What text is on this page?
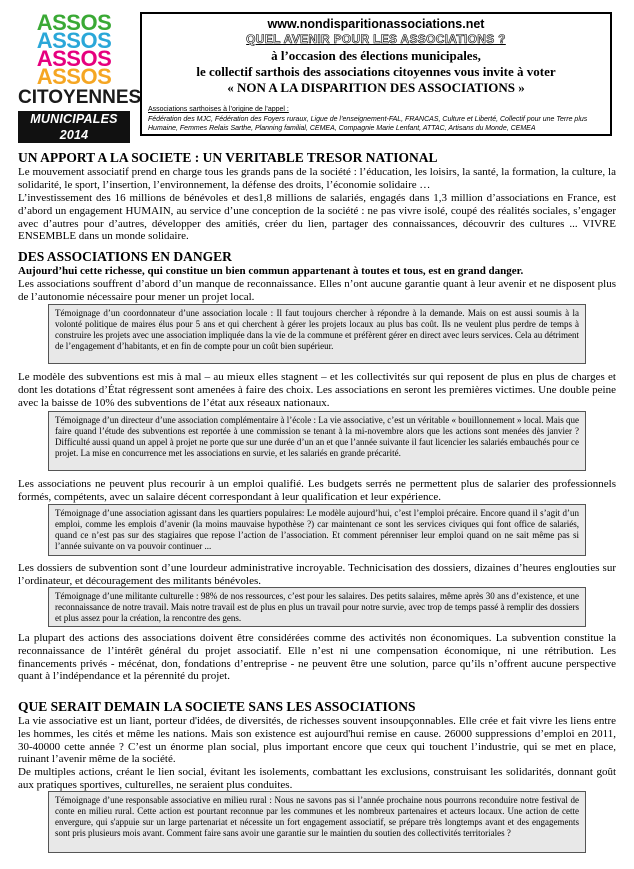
ASSOS
ASSOS
ASSOS
ASSOS
CITOYENNES
MUNICIPALES 2014
www.nondisparitionassociations.net
QUEL AVENIR POUR LES ASSOCIATIONS ?
à l’occasion des élections municipales,
le collectif sarthois des associations citoyennes vous invite à voter
« NON A LA DISPARITION DES ASSOCIATIONS »
Associations sarthoises à l’origine de l’appel :
Fédération des MJC, Fédération des Foyers ruraux, Ligue de l’enseignement-FAL, FRANCAS, Culture et Liberté, Collectif pour une Terre plus Humaine, Femmes Relais Sarthe, Planning familial, CEMEA, Compagnie Marie Lenfant, ATTAC, Artisans du Monde, CEMEA
UN APPORT A LA SOCIETE : UN VERITABLE TRESOR NATIONAL

Le mouvement associatif prend en charge tous les grands pans de la société : l’éducation, les loisirs, la santé, la formation, la culture, la solidarité, le sport, l’insertion, l’environnement, la défense des droits, l’économie solidaire …

L’investissement des 16 millions de bénévoles et des1,8 millions de salariés, engagés dans 1,3 million d’associations en France, est d’abord un engagement HUMAIN, au service d’une conception de la société : ne pas vivre isolé, coupé des réalités sociales, s’engager avec d’autres pour d’autres, développer des amitiés, créer du lien, partager des connaissances, découvrir des cultures ... VIVRE ENSEMBLE dans un monde solidaire.

DES ASSOCIATIONS EN DANGER

Aujourd’hui cette richesse, qui constitue un bien commun appartenant à toutes et tous, est en grand danger.

Les associations souffrent d’abord d’un manque de reconnaissance. Elles n’ont aucune garantie quant à leur avenir et ne disposent plus de l’autonomie nécessaire pour mener un projet local.

Témoignage d’un coordonnateur d’une association locale : Il faut toujours chercher à répondre à la demande. Mais on est aussi soumis à la volonté politique de maires élus pour 5 ans et qui cherchent à gérer les projets locaux au plus bas coût. Ils ne veulent plus perdre de temps à construire les projets avec une association impliquée dans la vie de la commune et préfèrent gérer en direct avec leurs services. Cela au détriment de l’engagement d’habitants, et en fin de compte pour un coût bien supérieur.

Le modèle des subventions est mis à mal – au mieux elles stagnent – et les collectivités sur qui reposent de plus en plus de charges et dont les dotations d’État régressent sont amenées à faire des choix. Les associations en seront les premières victimes. Une double peine avec la baisse de 10% des subventions de l’état aux réseaux nationaux.

Témoignage d’un directeur d’une association complémentaire à l’école : La vie associative, c’est un véritable « bouillonnement » local. Mais que faire quand l’étude des subventions est reportée à une commission se tenant à la mi-novembre alors que les actions sont menées dès janvier ? Difficulté aussi quand un appel à projet ne porte que sur une durée d’un an et que l’année suivante il faut licencier les salariés embauchés pour ce projet. La mise en concurrence met les associations en survie, et les salariés en grande précarité.

Les associations ne peuvent plus recourir à un emploi qualifié. Les budgets serrés ne permettent plus de salarier des professionnels formés, compétents, avec un salaire décent correspondant à leur qualification et leur expérience.

Témoignage d’une association agissant dans les quartiers populaires: Le modèle aujourd’hui, c’est l’emploi précaire. Encore quand il s’agit d’un emploi, comme les emplois d’avenir (la moins mauvaise hypothèse ?) car maintenant ce sont les services civiques qui font office de salariés, quand ce n’est pas sur des stagiaires que repose l’action de l’association. Et comment pérenniser leur emploi quand on ne sait même pas si l’année suivante on va pouvoir continuer ...

Les dossiers de subvention sont d’une lourdeur administrative incroyable. Technicisation des dossiers, dizaines d’heures englouties sur l’ordinateur, et découragement des militants bénévoles.

Témoignage d’une militante culturelle : 98% de nos ressources, c’est pour les salaires. Des petits salaires, même après 30 ans d’existence, et une reconnaissance de notre travail. Mais notre travail est de plus en plus un travail pour notre survie, avec trop de temps passé à remplir des dossiers et plus assez pour la création, la rencontre des gens.

La plupart des actions des associations doivent être considérées comme des activités non économiques. La subvention constitue la reconnaissance de l’intérêt général du projet associatif. Elle n’est ni une compensation économique, ni une rétribution. Les financements privés - mécénat, don, fondations d’entreprise - ne peuvent être une solution, parce qu’ils n’offrent aucune perspective quant à l’indépendance et la pérennité du projet.

QUE SERAIT DEMAIN LA SOCIETE SANS LES ASSOCIATIONS

La vie associative est un liant, porteur d'idées, de diversités, de richesses souvent insoupçonnables. Elle crée et fait vivre les liens entre les hommes, les cités et même les nations. Mais son existence est aujourd'hui remise en cause. 26000 suppressions d’emploi en 2011, 30-40000 cette année ? C’est un énorme plan social, plus important encore que ceux qui touchent l’industrie, qui se met en place, ruinant l’avenir même de la société.

De multiples actions, créant le lien social, évitant les isolements, combattant les exclusions, construisant les solidarités, donnant goût aux pratiques sportives, culturelles, ne seraient plus conduites.

Témoignage d’une responsable associative en milieu rural : Nous ne savons pas si l’année prochaine nous pourrons reconduire notre festival de conte en milieu rural. Cette action est pourtant reconnue par les communes et les nombreux partenaires et acteurs locaux. Une action de cette envergure, qui s'appuie sur un large partenariat et nécessite un fort engagement associatif, se prépare très longtemps avant et des engagements sont pris plusieurs mois avant. Comment faire sans avoir une garantie sur le maintien du soutien des collectivités territoriales ?
